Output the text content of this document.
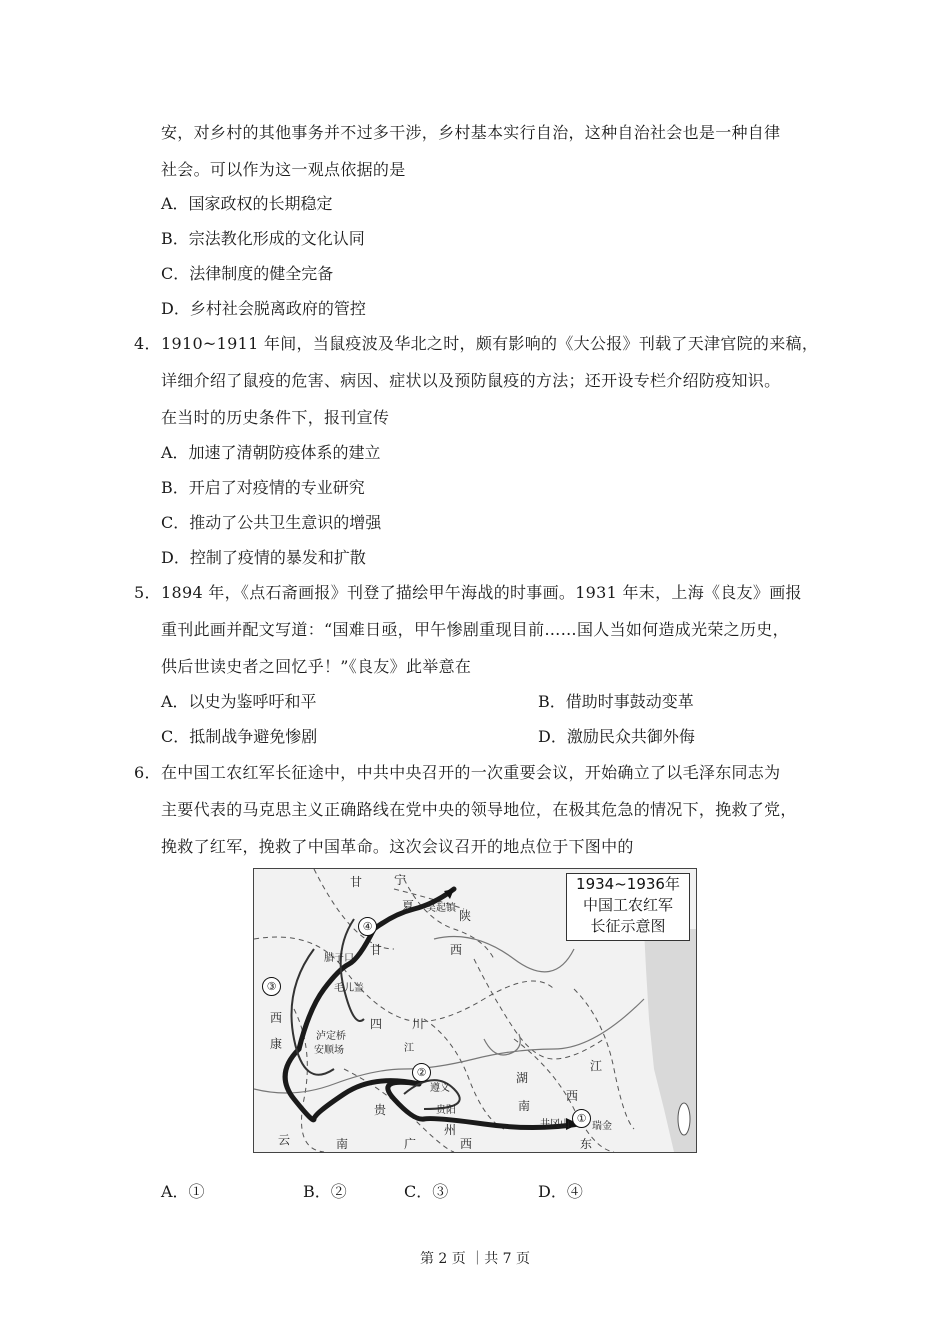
安，对乡村的其他事务并不过多干涉，乡村基本实行自治，这种自治社会也是一种自律
社会。可以作为这一观点依据的是
A．国家政权的长期稳定
B．宗法教化形成的文化认同
C．法律制度的健全完备
D．乡村社会脱离政府的管控
4． 1910~1911 年间，当鼠疫波及华北之时，颇有影响的《大公报》刊载了天津官院的来稿，
详细介绍了鼠疫的危害、病因、症状以及预防鼠疫的方法；还开设专栏介绍防疫知识。
在当时的历史条件下，报刊宣传
A．加速了清朝防疫体系的建立
B．开启了对疫情的专业研究
C．推动了公共卫生意识的增强
D．控制了疫情的暴发和扩散
5． 1894 年，《点石斋画报》刊登了描绘甲午海战的时事画。1931 年末，上海《良友》画报
重刊此画并配文写道：“国难日亟，甲午惨剧重现目前……国人当如何造成光荣之历史，
供后世读史者之回忆乎！”《良友》此举意在
A．以史为鉴呼吁和平	B．借助时事鼓动变革
C．抵制战争避免惨剧	D．激励民众共御外侮
6． 在中国工农红军长征途中，中共中央召开的一次重要会议，开始确立了以毛泽东同志为
主要代表的马克思主义正确路线在党中央的领导地位，在极其危急的情况下，挽救了党，
挽救了红军，挽救了中国革命。这次会议召开的地点位于下图中的
1934~1936年
中国工农红军
长征示意图
①
②
③
④
甘	宁
吴起镇
陕
夏
甘	西
腊子口
毛儿盖
四 川
西
康
泸定桥
安顺场	江
湖
南
江
西
贵
遵义
贵阳
州	井冈山 瑞金
云	南	广	西	东
A．①	B．②	C．③	D．④
第 2 页 ｜共 7 页
